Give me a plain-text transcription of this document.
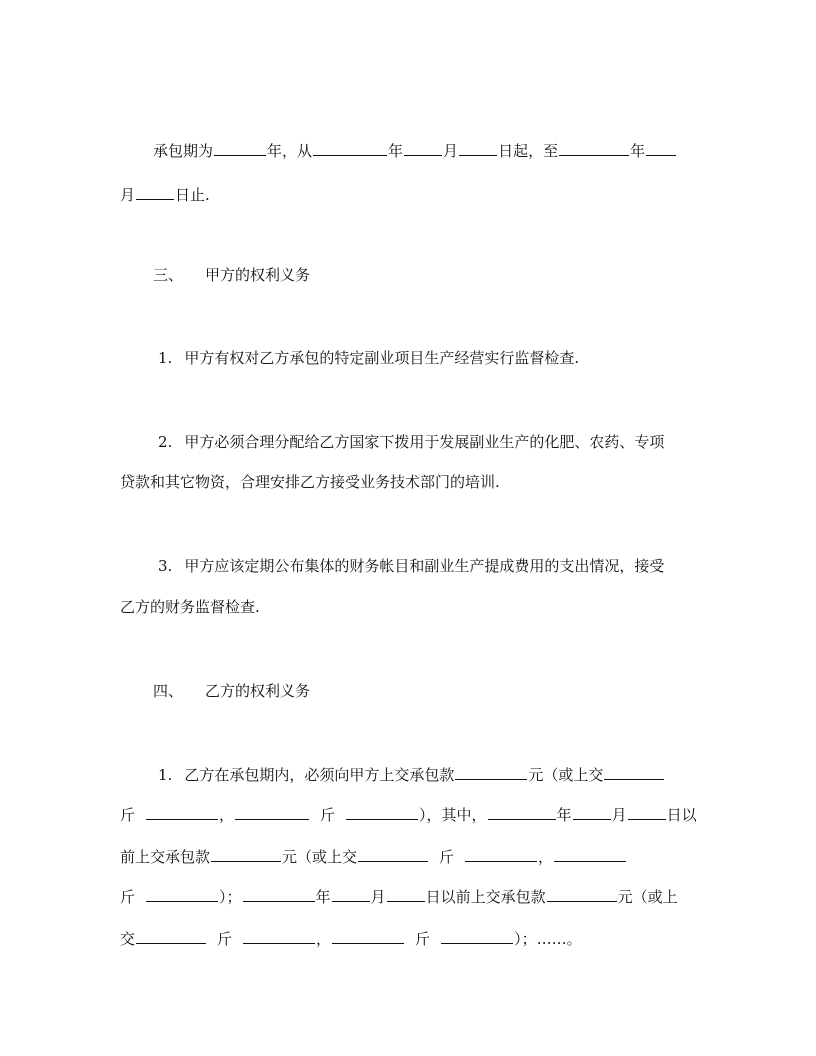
承包期为	年，从	年	月	日起，至	年
月	日止.
三、 甲方的权利义务
1. 甲方有权对乙方承包的特定副业项目生产经营实行监督检查.
2. 甲方必须合理分配给乙方国家下拨用于发展副业生产的化肥、农药、专项
贷款和其它物资，合理安排乙方接受业务技术部门的培训.
3. 甲方应该定期公布集体的财务帐目和副业生产提成费用的支出情况，接受
乙方的财务监督检查.
四、 乙方的权利义务
1. 乙方在承包期内，必须向甲方上交承包款	元（或上交
斤	，	斤	），其中，	年	月	日以
前上交承包款	元（或上交	斤	，
斤	）；	年	月	日以前上交承包款	元（或上
交	斤	，	斤	）；……。
